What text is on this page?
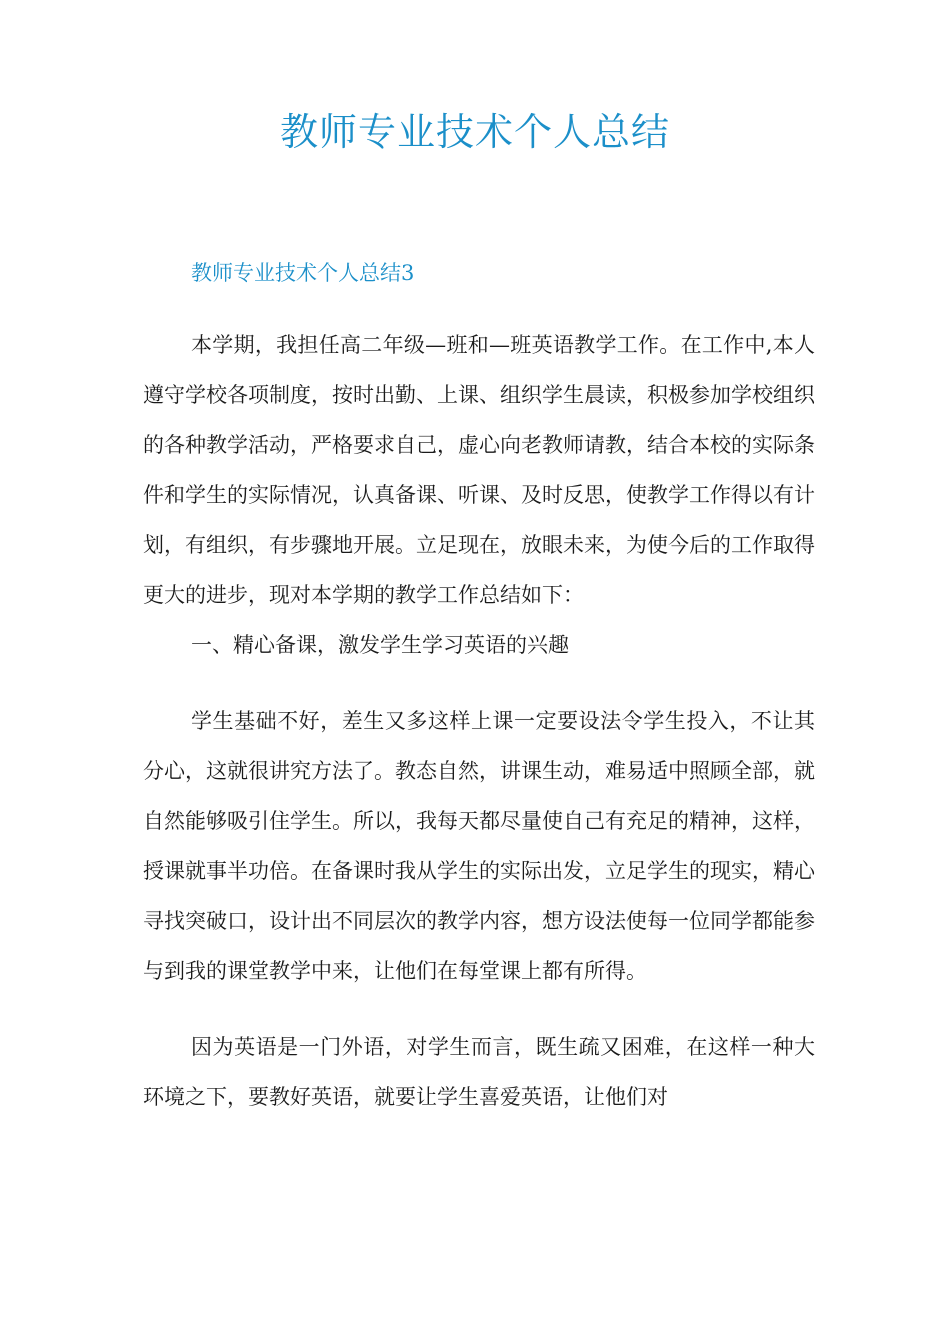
教师专业技术个人总结

教师专业技术个人总结3

本学期，我担任高二年级—班和—班英语教学工作。在工作中,本人遵守学校各项制度，按时出勤、上课、组织学生晨读，积极参加学校组织的各种教学活动，严格要求自己，虚心向老教师请教，结合本校的实际条件和学生的实际情况，认真备课、听课、及时反思，使教学工作得以有计划，有组织，有步骤地开展。立足现在，放眼未来，为使今后的工作取得更大的进步，现对本学期的教学工作总结如下：

一、精心备课，激发学生学习英语的兴趣

学生基础不好，差生又多这样上课一定要设法令学生投入，不让其分心，这就很讲究方法了。教态自然，讲课生动，难易适中照顾全部，就自然能够吸引住学生。所以，我每天都尽量使自己有充足的精神，这样，授课就事半功倍。在备课时我从学生的实际出发，立足学生的现实，精心寻找突破口，设计出不同层次的教学内容，想方设法使每一位同学都能参与到我的课堂教学中来，让他们在每堂课上都有所得。

因为英语是一门外语，对学生而言，既生疏又困难，在这样一种大环境之下，要教好英语，就要让学生喜爱英语，让他们对
